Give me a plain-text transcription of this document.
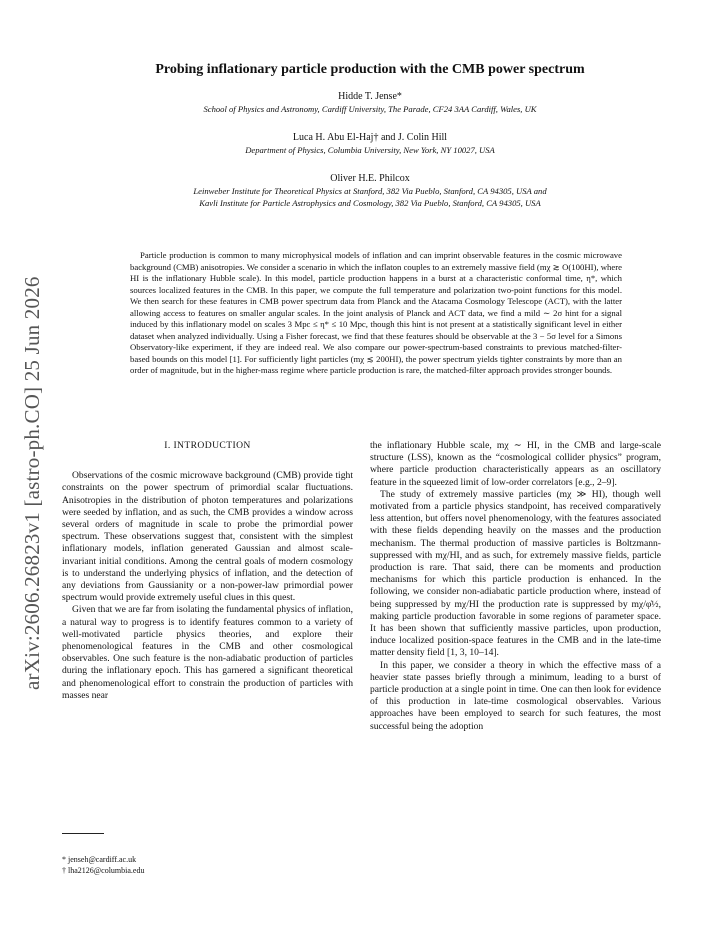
arXiv:2606.26823v1 [astro-ph.CO] 25 Jun 2026
Probing inflationary particle production with the CMB power spectrum
Hidde T. Jense*
School of Physics and Astronomy, Cardiff University, The Parade, CF24 3AA Cardiff, Wales, UK
Luca H. Abu El-Haj† and J. Colin Hill
Department of Physics, Columbia University, New York, NY 10027, USA
Oliver H.E. Philcox
Leinweber Institute for Theoretical Physics at Stanford, 382 Via Pueblo, Stanford, CA 94305, USA and
Kavli Institute for Particle Astrophysics and Cosmology, 382 Via Pueblo, Stanford, CA 94305, USA

Particle production is common to many microphysical models of inflation and can imprint observable features in the cosmic microwave background (CMB) anisotropies. We consider a scenario in which the inflaton couples to an extremely massive field (mχ ≳ O(100HI), where HI is the inflationary Hubble scale). In this model, particle production happens in a burst at a characteristic conformal time, η*, which sources localized features in the CMB. In this paper, we compute the full temperature and polarization two-point functions for this model. We then search for these features in CMB power spectrum data from Planck and the Atacama Cosmology Telescope (ACT), with the latter allowing access to features on smaller angular scales. In the joint analysis of Planck and ACT data, we find a mild ∼ 2σ hint for a signal induced by this inflationary model on scales 3 Mpc ≤ η* ≤ 10 Mpc, though this hint is not present at a statistically significant level in either dataset when analyzed individually. Using a Fisher forecast, we find that these features should be observable at the 3 − 5σ level for a Simons Observatory-like experiment, if they are indeed real. We also compare our power-spectrum-based constraints to previous matched-filter-based bounds on this model [1]. For sufficiently light particles (mχ ≲ 200HI), the power spectrum yields tighter constraints by more than an order of magnitude, but in the higher-mass regime where particle production is rare, the matched-filter approach provides stronger bounds.

I. INTRODUCTION

Observations of the cosmic microwave background (CMB) provide tight constraints on the power spectrum of primordial scalar fluctuations. Anisotropies in the distribution of photon temperatures and polarizations were seeded by inflation, and as such, the CMB provides a window across several orders of magnitude in scale to probe the primordial power spectrum. These observations suggest that, consistent with the simplest inflationary models, inflation generated Gaussian and almost scale-invariant initial conditions. Among the central goals of modern cosmology is to understand the underlying physics of inflation, and the detection of any deviations from Gaussianity or a non-power-law primordial power spectrum would provide extremely useful clues in this quest.

Given that we are far from isolating the fundamental physics of inflation, a natural way to progress is to identify features common to a variety of well-motivated particle physics theories, and explore their phenomenological features in the CMB and other cosmological observables. One such feature is the non-adiabatic production of particles during the inflationary epoch. This has garnered a significant theoretical and phenomenological effort to constrain the production of particles with masses near

the inflationary Hubble scale, mχ ∼ HI, in the CMB and large-scale structure (LSS), known as the “cosmological collider physics” program, where particle production characteristically appears as an oscillatory feature in the squeezed limit of low-order correlators [e.g., 2–9].

The study of extremely massive particles (mχ ≫ HI), though well motivated from a particle physics standpoint, has received comparatively less attention, but offers novel phenomenology, with the features associated with these fields depending heavily on the masses and the production mechanism. The thermal production of massive particles is Boltzmann-suppressed with mχ/HI, and as such, for extremely massive fields, particle production is rare. That said, there can be moments and production mechanisms for which this particle production is enhanced. In the following, we consider non-adiabatic particle production where, instead of being suppressed by mχ/HI the production rate is suppressed by mχ/φ̇½, making particle production favorable in some regions of parameter space. It has been shown that sufficiently massive particles, upon production, induce localized position-space features in the CMB and in the late-time matter density field [1, 3, 10–14].

In this paper, we consider a theory in which the effective mass of a heavier state passes briefly through a minimum, leading to a burst of particle production at a single point in time. One can then look for evidence of this production in late-time cosmological observables. Various approaches have been employed to search for such features, the most successful being the adoption

* jenseh@cardiff.ac.uk
† lha2126@columbia.edu
